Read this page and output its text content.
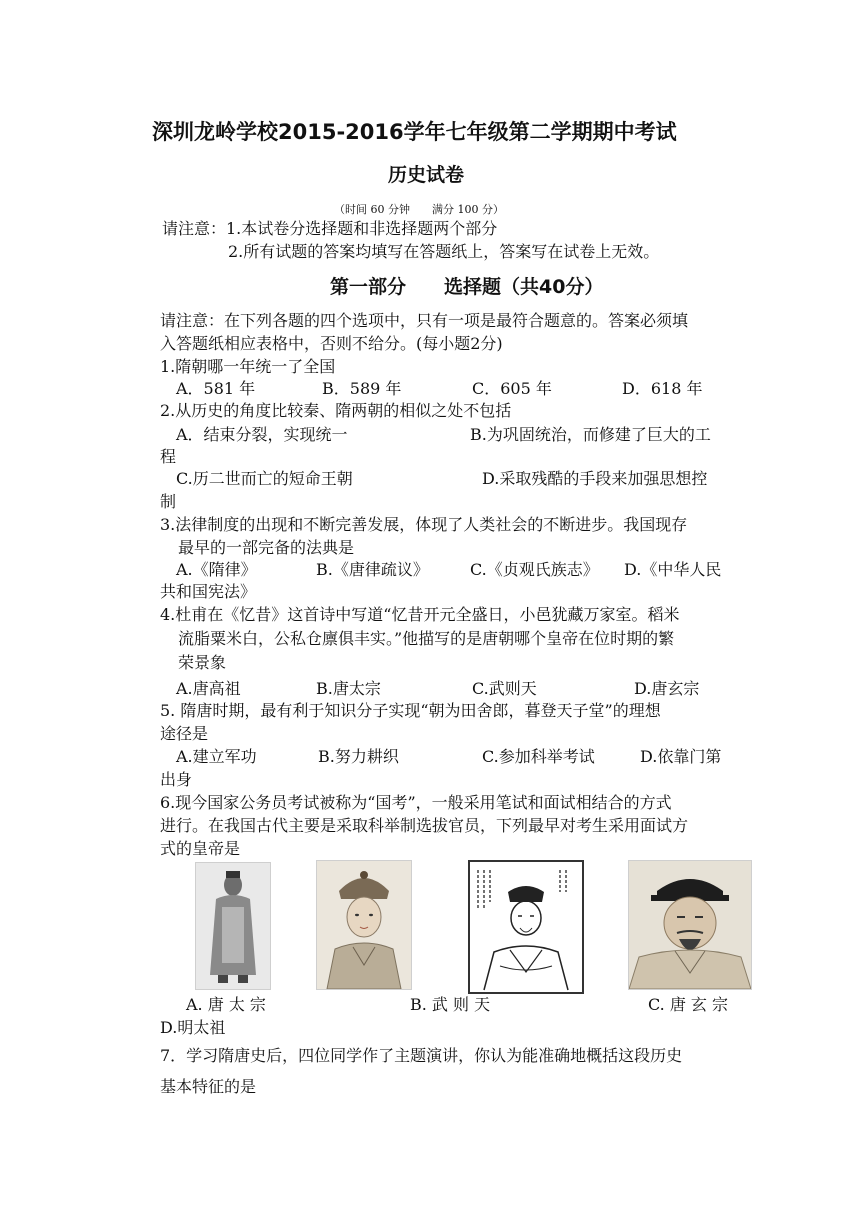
深圳龙岭学校2015-2016学年七年级第二学期期中考试
历史试卷
（时间 60 分钟　　满分 100 分）
请注意：1.本试卷分选择题和非选择题两个部分
2.所有试题的答案均填写在答题纸上，答案写在试卷上无效。
第一部分　　选择题（共40分）
请注意：在下列各题的四个选项中，只有一项是最符合题意的。答案必须填
入答题纸相应表格中，否则不给分。(每小题2分)
1.隋朝哪一年统一了全国
A．581 年	B．589 年	C．605 年	D．618 年
2.从历史的角度比较秦、隋两朝的相似之处不包括
A．结束分裂，实现统一	B.为巩固统治，而修建了巨大的工
程
C.历二世而亡的短命王朝	D.采取残酷的手段来加强思想控
制
3.法律制度的出现和不断完善发展，体现了人类社会的不断进步。我国现存
最早的一部完备的法典是
A.《隋律》	B.《唐律疏议》	C.《贞观氏族志》 D.《中华人民
共和国宪法》
4.杜甫在《忆昔》这首诗中写道“忆昔开元全盛日，小邑犹藏万家室。稻米
流脂粟米白，公私仓廪俱丰实。”他描写的是唐朝哪个皇帝在位时期的繁
荣景象
A.唐高祖	B.唐太宗	C.武则天	D.唐玄宗
5. 隋唐时期，最有利于知识分子实现“朝为田舍郎，暮登天子堂”的理想
途径是
A.建立军功	B.努力耕织	C.参加科举考试	D.依靠门第
出身
6.现今国家公务员考试被称为“国考”，一般采用笔试和面试相结合的方式
进行。在我国古代主要是采取科举制选拔官员，下列最早对考生采用面试方
式的皇帝是
A. 唐 太 宗	B. 武 则 天	C. 唐 玄 宗
D.明太祖
7．学习隋唐史后，四位同学作了主题演讲，你认为能准确地概括这段历史
基本特征的是
